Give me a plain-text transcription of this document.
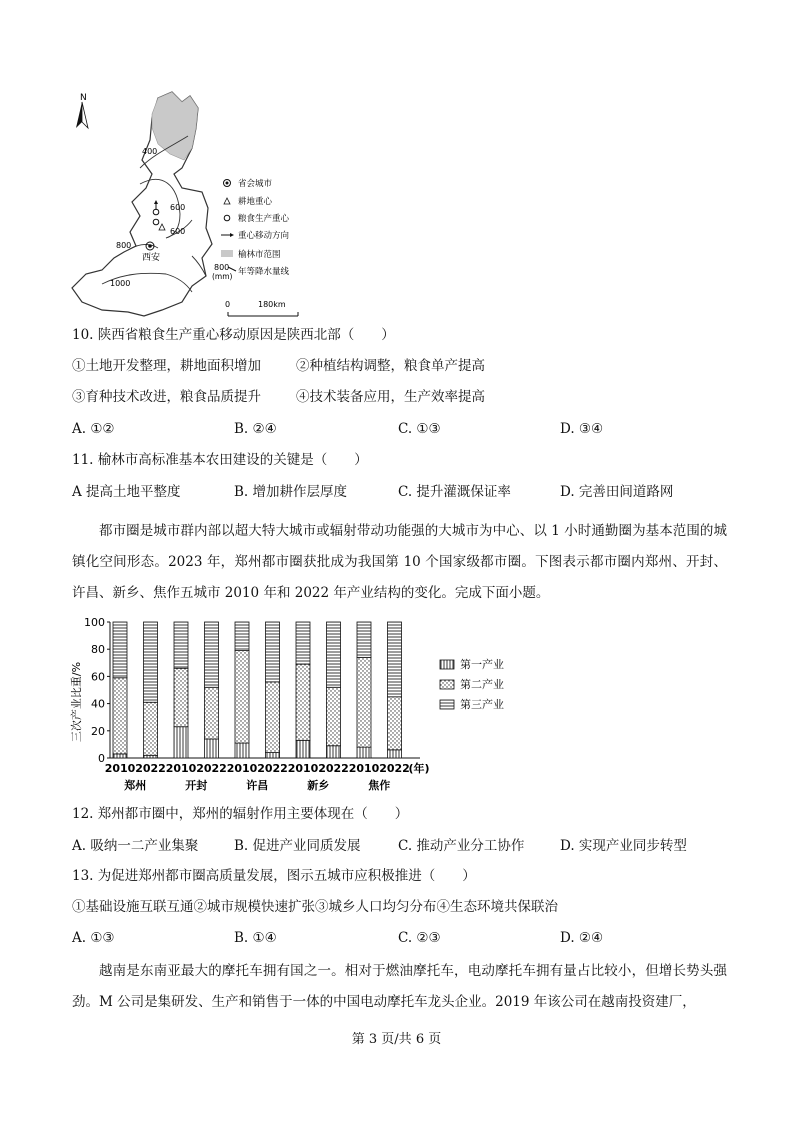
N
400
600
600
800
1000
西安
省会城市
耕地重心
粮食生产重心
重心移动方向
榆林市范围
800
(mm) 年等降水量线
0	180km
10. 陕西省粮食生产重心移动原因是陕西北部（　　）
①土地开发整理，耕地面积增加	②种植结构调整，粮食单产提高
③育种技术改进，粮食品质提升	④技术装备应用，生产效率提高
A. ①②	B. ②④	C. ①③	D. ③④
11. 榆林市高标准基本农田建设的关键是（　　）
A 提高土地平整度	B. 增加耕作层厚度	C. 提升灌溉保证率	D. 完善田间道路网
都市圈是城市群内部以超大特大城市或辐射带动功能强的大城市为中心、以 1 小时通勤圈为基本范围的城镇化空间形态。2023 年，郑州都市圈获批成为我国第 10 个国家级都市圈。下图表示都市圈内郑州、开封、许昌、新乡、焦作五城市 2010 年和 2022 年产业结构的变化。完成下面小题。
三次产业比重/%
0
20
40
60
80
100
2010 2022 2010 2022 2010 2022 2010 2022 2010 2022
(年)
郑州	开封	许昌	新乡	焦作
第一产业
第二产业
第三产业
12. 郑州都市圈中，郑州的辐射作用主要体现在（　　）
A. 吸纳一二产业集聚	B. 促进产业同质发展	C. 推动产业分工协作	D. 实现产业同步转型
13. 为促进郑州都市圈高质量发展，图示五城市应积极推进（　　）
①基础设施互联互通②城市规模快速扩张③城乡人口均匀分布④生态环境共保联治
A. ①③	B. ①④	C. ②③	D. ②④
越南是东南亚最大的摩托车拥有国之一。相对于燃油摩托车，电动摩托车拥有量占比较小，但增长势头强劲。M 公司是集研发、生产和销售于一体的中国电动摩托车龙头企业。2019 年该公司在越南投资建厂，
第 3 页/共 6 页
